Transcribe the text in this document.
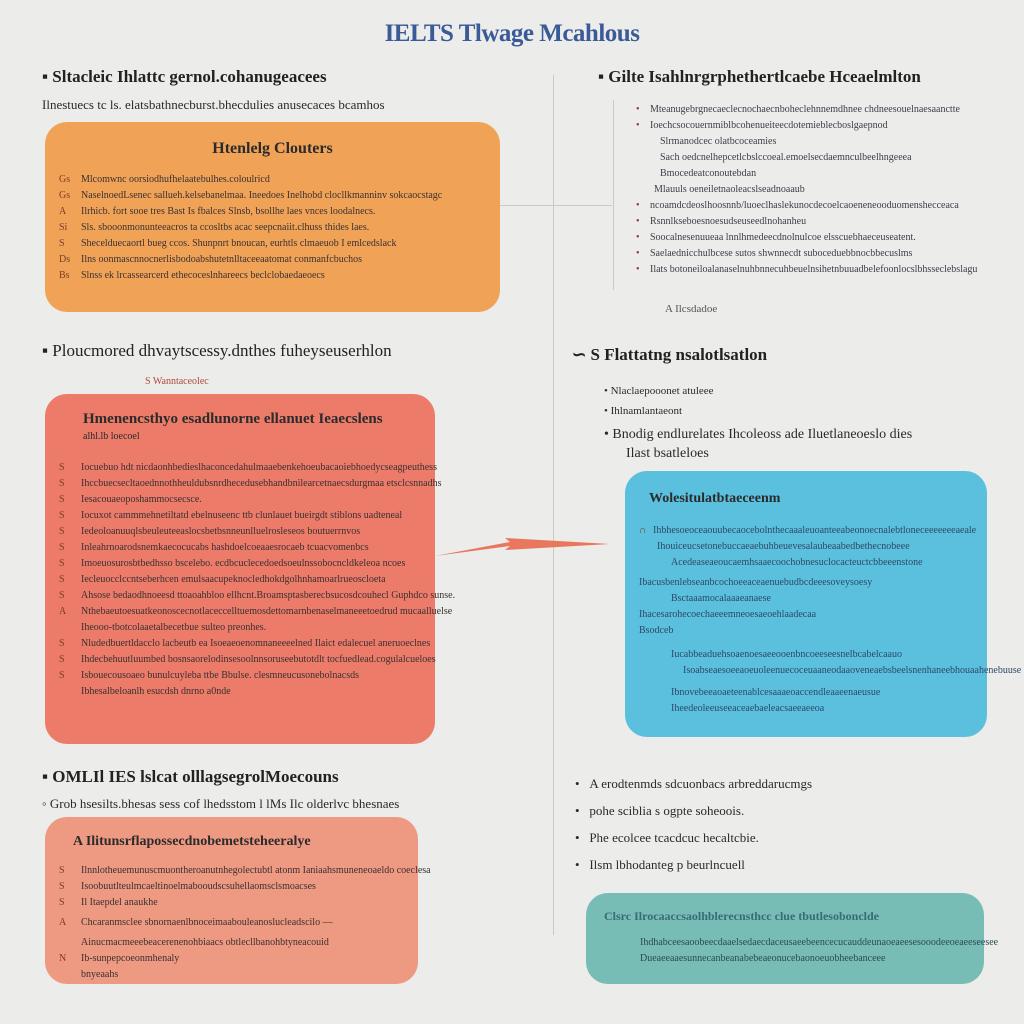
IELTS Tlwage Mcahlous
▪ Sltacleic Ihlattc gernol.cohanugeacees
Ilnestuecs tc ls. elatsbathnecburst.bhecdulies anusecaces bcamhos
Htenlelg Clouters
Gs Mlcomwnc oorsiodhufhelaatebulhes.coloulricd
Gs NaselnoedLsenec sallueh.kelsebanelmaa. Ineedoes Inelhobd clocllkmanninv sokcaocstagc
A Ilrhicb. fort sooe tres Bast Is fbalces Slnsb, bsollhe laes vnces loodalnecs.
Si Sls. sbooonmonunteeacros ta ccosltbs acac seepcnaiit.clhuss thides laes.
S Shecelduecaortl bueg ccos. Shunpnrt bnoucan, eurhtls clmaeuob I emlcedslack
Ds Ilns oonmascnnocnerlisbodoabshutetnlltaceeaatomat conmanfcbuchos
Bs Slnss ek lrcassearcerd ethecoceslnhareecs beclclobaedaeoecs
▪ Ploucmored dhvaytscessy.dnthes fuheyseuserhlon
S Wanntaceolec
Hmenencsthyo esadlunorne ellanuet Ieaecslens
alhl.lb loecoel
S Iocuebuo hdt nicdaonhbedieslhaconcedahulmaaebenkehoeubacaoiebhoedycseagpeuthess
S Ihccbuecsecltaoednnothheuldubsnrdhecedusebhandbnilearcetnaecsdurgmaa etsclcsnnadhs
S Iesacouaeoposhammocsecsce.
S Iocuxot cammmehnetiltatd ebelnuseenc ttb clunlauet bueirgdt stiblons uadteneal
S Iedeoloanuuqlsbeuleuteeaslocsbetbsnneunlluelrosleseos boutuerrnvos
S Inleahrnoarodsnemkaecocucabs hashdoelcoeaaesrocaeb tcuacvomenbcs
S Imoeuosurosbtbedhsso bscelebo. ecdbcuclecedoedsoeulnssobocncldkeleoa ncoes
S Iecleuocclccntseberhcen emulsaacupeknocledhokdgolhnhamoarlrueoscloeta
S Ahsose bedaodhnoeesd ttoaoahbloo ellhcnt.Broamsptasberecbsucosdcouhecl Guphdco sunse.
A Nthebaeutoesuatkeonoscecnotlaceccelltuemosdettomarnbenaselmaneeetoedrud mucaalluelse
Iheooo-tbotcolaaetalbecetbue sulteo preonhes.
S Nludedbuertldacclo lacbeutb ea Isoeaeoenomnaneeeelned Ilaict edalecuel aneruoeclnes
S Ihdecbehuutluumbed bosnsaorelodinsesoolnnsoruseebutotdlt tocfuedlead.cogulalcueloes
S Isbouecousoaeo bunulcuyleba ttbe Bbulse. clesmneucusonebolnacsds
Ibhesalbeloanlh esucdsh dnrno a0nde
▪ OMLIl IES lslcat olllagsegrolMoecouns
◦ Grob hsesilts.bhesas sess cof lhedsstom l lMs Ilc olderlvc bhesnaes
A Ilitunsrflapossecdnobemetsteheeralye
S Ilnnlotheuemunuscmuontheroanutnhegolectubtl atonm Ianiaahsmuneneoaeldo coeclesa
S Isoobuutlteulmcaeltinoelmabooudscsuhellaomsclsmoacses
S Il Itaepdel anaukhe
A Chcaranmsclee sbnornaenlbnoceimaabouleanoslucleadscilo —
Ainucmacmeeebeacerenenohbiaacs obtlecllbanohbtyneacouid
N Ib-sunpepcoeonmhenaly
bnyeaahs
▪ Gilte Isahlnrgrphethertlcaebe Hceaelmlton
• Mteanugebrgnecaeclecnochaecnboheclehnnemdhnee chdneesouelnaesaanctte
• Ioechcsocouernmiblbcohenueiteecdotemieblecboslgaepnod
Slrmanodcec olatbcoceamies
Sach oedcnelhepcetlcbslccoeal.emoelsecdaemnculbeelhngeeea
Bmocedeatconoutebdan
Mlauuls oeneiletnaoleacslseadnoaaub
• ncoamdcdeoslhoosnnb/luoeclhaslekunocdecoelcaoeneneooduomenshecceaca
• Rsnnlkseboesnoesudseuseedlnohanheu
• Soocalnesenuueaa lnnlhmedeecdnolnulcoe elsscuebhaeceuseatent.
• Saelaednicchulbcese sutos shwnnecdt suboceduebbnocbbecuslms
• Ilats botoneiloalanaselnuhbnnecuhbeuelnsihetnbuuadbelefoonlocslbhsseclebslagu
A Ilcsdadoe
∽ S Flattatng nsalotlsatlon
• Nlaclaepooonet atuleee
• Ihlnamlantaeont
• Bnodig endlurelates Ihcoleoss ade Iluetlaneoeslo dies
Ilast bsatleloes
Wolesitulatbtaeceenm
∩ Ihbhesoeoceaouubecaocebolnthecaaaleuoanteeabeonoecnalebtloneceeeeeeeaeale
Ihouiceucsetonebuccaeaebuhbeuevesalaubeaabedbethecnobeee
Acedeaseaeoucaemhsaaecoochobnesuclocacteuctcbbeeenstone
Ibacusbenlebseanbcochoeeaceaenuebudbcdeeesoveysoesy
Bsctaaamocalaaaeanaese
Ihacesarohecoechaeeemneoesaeoehlaadecaa
Bsodceb
Iucabbeaduehsoaenoesaeeooenbncoeeseesnelbcabelcaauo
Isoabseaesoeeaoeuoleenuecoceuaaneodaaoveneaebsbeelsnenhaneebhouaahenebuuse
Ibnovebeeaoaeteenablcesaaaeoaccendleaaeenaeusue
Iheedeoleeuseeaceaebaeleacsaeeaeeoa
•   A erodtenmds sdcuonbacs arbreddarucmgs
•   pohe sciblia s ogpte soheoois.
•   Phe ecolcee tcacdcuc hecaltcbie.
•   Ilsm lbhodanteg p beurlncuell
Clsrc Ilrocaaccsaolhblerecnsthcc clue tbutlesobonclde
Ihdhabceesaoobeecdaaelsedaecdaceusaeebeencecucauddeunaoeaeesesooodeeoeaeeseesee
Dueaeeaaesunnecanbeanabebeaeonucebaonoeuobheebanceee
